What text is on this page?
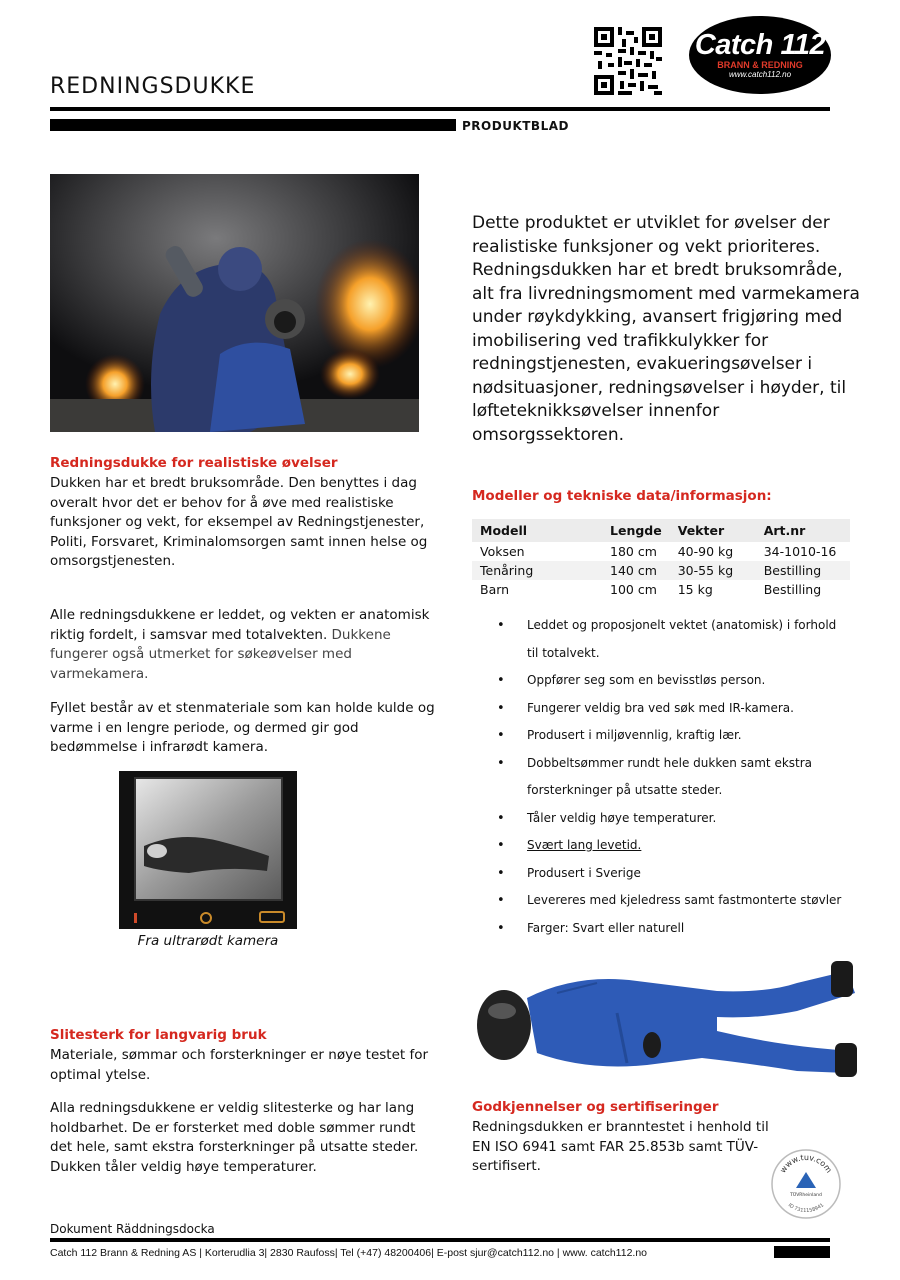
REDNINGSDUKKE
PRODUKTBLAD
Catch 112
BRANN & REDNING
www.catch112.no
Dette produktet er utviklet for øvelser der realistiske funksjoner og vekt prioriteres. Redningsdukken har et bredt bruksområde, alt fra livredningsmoment med varmekamera under røykdykking, avansert frigjøring med imobilisering ved trafikkulykker for redningstjenesten, evakueringsøvelser i nødsituasjoner, redningsøvelser i høyder, til løfteteknikksøvelser innenfor omsorgssektoren.
Redningsdukke for realistiske øvelser
Dukken har et bredt bruksområde. Den benyttes i dag overalt hvor det er behov for å øve med realistiske funksjoner og vekt, for eksempel av Redningstjenester, Politi, Forsvaret, Kriminalomsorgen samt innen helse og omsorgstjenesten.
Alle redningsdukkene er leddet, og vekten er anatomisk riktig fordelt, i samsvar med totalvekten. Dukkene fungerer også utmerket for søkeøvelser med varmekamera.
Fyllet består av et stenmateriale som kan holde kulde og varme i en lengre periode, og dermed gir god bedømmelse i infrarødt kamera.
Fra ultrarødt kamera
Slitesterk for langvarig bruk
Materiale, sømmar och forsterkninger er nøye testet for optimal ytelse.
Alla redningsdukkene er veldig slitesterke og har lang holdbarhet. De er forsterket med doble sømmer rundt det hele, samt ekstra forsterkninger på utsatte steder. Dukken tåler veldig høye temperaturer.
Modeller og tekniske data/informasjon:
Modell	Lengde	Vekter	Art.nr
Voksen	180 cm	40-90 kg	34-1010-16
Tenåring	140 cm	30-55 kg	Bestilling
Barn	100 cm	15 kg	Bestilling
• Leddet og proposjonelt vektet (anatomisk) i forhold
til totalvekt.
• Oppfører seg som en bevisstløs person.
• Fungerer veldig bra ved søk med IR-kamera.
• Produsert i miljøvennlig, kraftig lær.
• Dobbeltsømmer rundt hele dukken samt ekstra
forsterkninger på utsatte steder.
• Tåler veldig høye temperaturer.
• Svært lang levetid.
• Produsert i Sverige
• Levereres med kjeledress samt fastmonterte støvler
• Farger: Svart eller naturell
Godkjennelser og sertifiseringer
Redningsdukken er branntestet i henhold til EN ISO 6941 samt FAR 25.853b samt TÜV-sertifisert.	www.tuv.com
TÜVRheinland
ID 7311158941
Dokument Räddningsdocka
Catch 112 Brann & Redning AS | Korterudlia 3| 2830 Raufoss| Tel (+47) 48200406| E-post sjur@catch112.no | www. catch112.no
